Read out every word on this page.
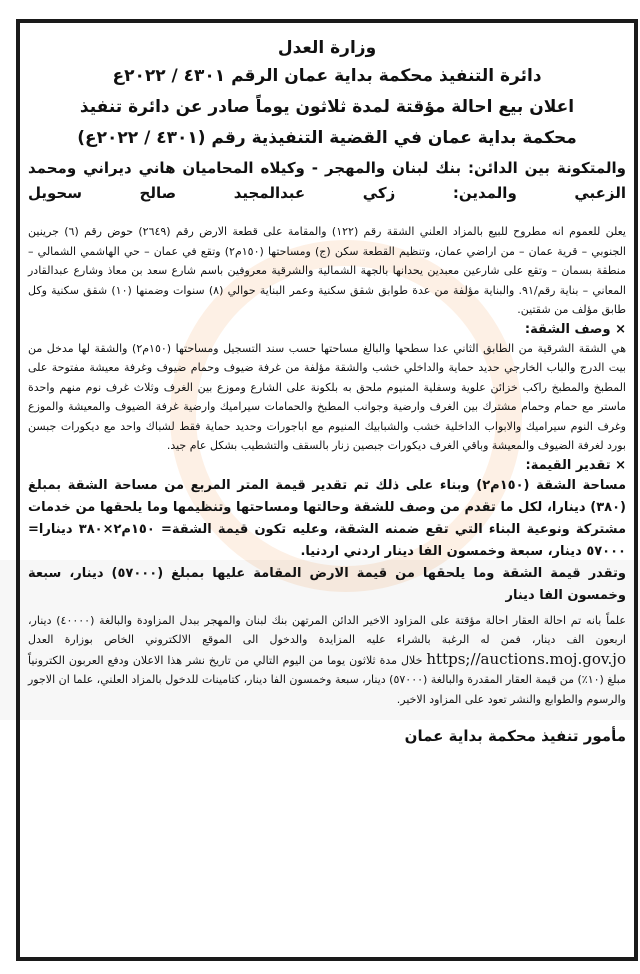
وزارة العدل
دائرة التنفيذ محكمة بداية عمان الرقم ٤٣٠١ / ٢٠٢٢ع
اعلان بيع احالة مؤقتة لمدة ثلاثون يوماً صادر عن دائرة تنفيذ
محكمة بداية عمان في القضية التنفيذية رقم (٤٣٠١ / ٢٠٢٢ع)
والمتكونة بين الدائن: بنك لبنان والمهجر - وكيلاه المحاميان هاني ديراني ومحمد الزعبي والمدين: زكي عبدالمجيد صالح سحويل
يعلن للعموم انه مطروح للبيع بالمزاد العلني الشقة رقم (١٢٢) والمقامة على قطعة الارض رقم (٢٦٤٩) حوض رقم (٦) جرينين الجنوبي – قرية عمان – من اراضي عمان، وتنظيم القطعة سكن (ج) ومساحتها (١٥٠م٢) وتقع في عمان – حي الهاشمي الشمالي – منطقة بسمان – وتقع على شارعين معبدين يحدانها بالجهة الشمالية والشرقية معروفين باسم شارع سعد بن معاذ وشارع عبدالقادر المعاني – بناية رقم/٩١. والبناية مؤلفة من عدة طوابق شقق سكنية وعمر البناية حوالي (٨) سنوات وضمنها (١٠) شقق سكنية وكل طابق مؤلف من شقتين.
× وصف الشقة:
هي الشقة الشرقية من الطابق الثاني عدا سطحها والبالغ مساحتها حسب سند التسجيل ومساحتها (١٥٠م٢) والشقة لها مدخل من بيت الدرج والباب الخارجي حديد حماية والداخلي خشب والشقة مؤلفة من غرفة ضيوف وحمام ضيوف وغرفة معيشة مفتوحة على المطبخ والمطبخ راكب خزائن علوية وسفلية المنيوم ملحق به بلكونة على الشارع وموزع بين الغرف وثلاث غرف نوم منهم واحدة ماستر مع حمام وحمام مشترك بين الغرف وارضية وجوانب المطبخ والحمامات سيراميك وارضية غرفة الضيوف والمعيشة والموزع وغرف النوم سيراميك والابواب الداخلية خشب والشبابيك المنيوم مع اباجورات وحديد حماية فقط لشباك واحد مع ديكورات جبسن بورد لغرفة الضيوف والمعيشة وباقي الغرف ديكورات جبصين زنار بالسقف والتشطيب بشكل عام جيد.
× تقدير القيمة:
مساحة الشقة (١٥٠م٢) وبناء على ذلك تم تقدير قيمة المتر المربع من مساحة الشقة بمبلغ (٣٨٠) دينارا، لكل ما تقدم من وصف للشقة وحالتها ومساحتها وتنظيمها وما يلحقها من خدمات مشتركة ونوعية البناء التي تقع ضمنه الشقة، وعليه تكون قيمة الشقة= ١٥٠م٢×٣٨٠ دينارا= ٥٧٠٠٠ دينار، سبعة وخمسون الفا دينار اردني اردنيا.
وتقدر قيمة الشقة وما يلحقها من قيمة الارض المقامة عليها بمبلغ (٥٧٠٠٠) دينار، سبعة وخمسون الفا دينار
علماً بانه تم احالة العقار احالة مؤقتة على المزاود الاخير الدائن المرتهن بنك لبنان والمهجر ببدل المزاودة والبالغة (٤٠٠٠٠) دينار، اربعون الف دينار، فمن له الرغبة بالشراء عليه المزايدة والدخول الى الموقع الالكتروني الخاص بوزارة العدل https;//auctions.moj.gov.jo خلال مدة ثلاثون يوما من اليوم التالي من تاريخ نشر هذا الاعلان ودفع العربون الكترونياً مبلغ (١٠٪) من قيمة العقار المقدرة والبالغة (٥٧٠٠٠) دينار، سبعة وخمسون الفا دينار، كتامينات للدخول بالمزاد العلني، علما ان الاجور والرسوم والطوابع والنشر تعود على المزاود الاخير.
مأمور تنفيذ محكمة بداية عمان
